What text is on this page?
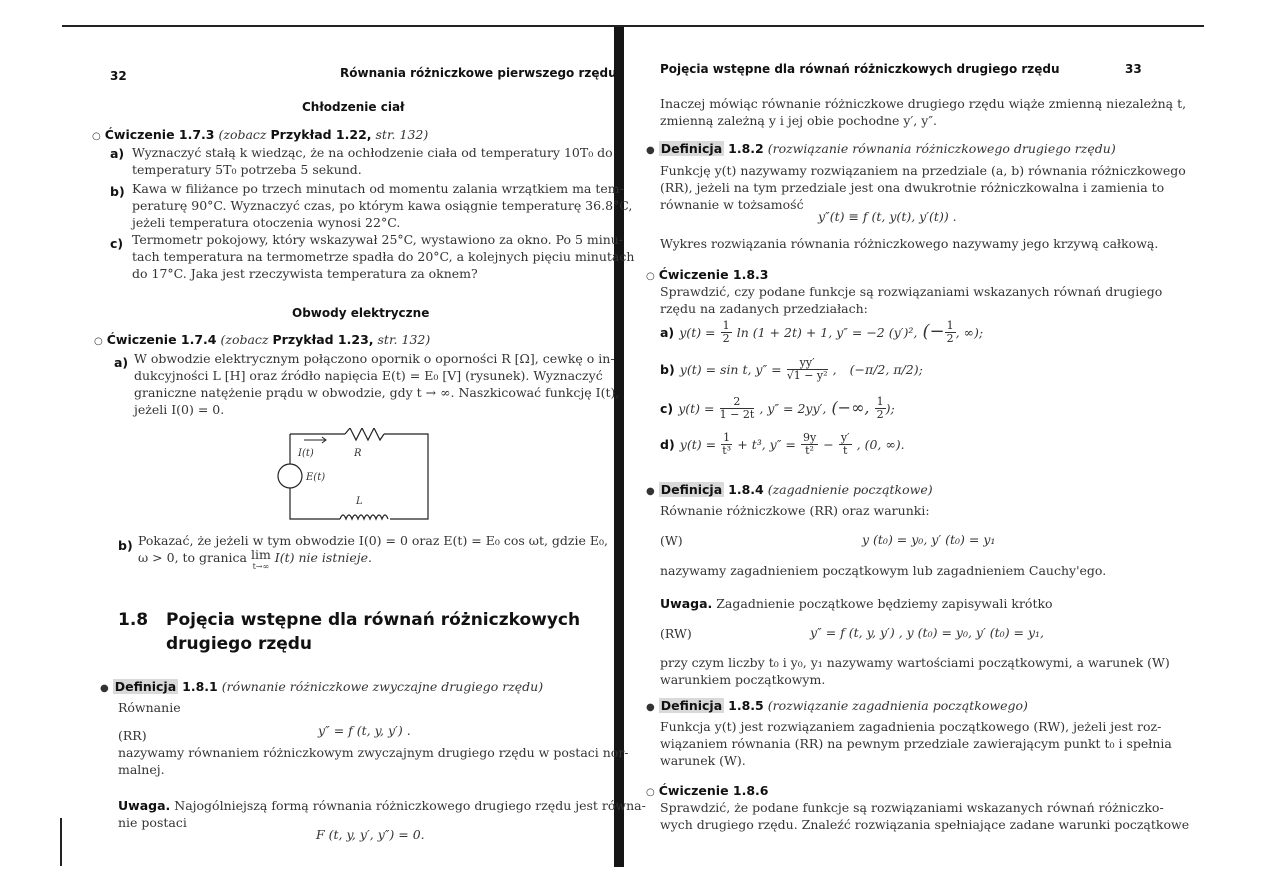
32	Równania różniczkowe pierwszego rzędu
Chłodzenie ciał
○ Ćwiczenie 1.7.3 (zobacz Przykład 1.22, str. 132)
a) Wyznaczyć stałą k wiedząc, że na ochłodzenie ciała od temperatury 10T₀ do
temperatury 5T₀ potrzeba 5 sekund.
b) Kawa w filiżance po trzech minutach od momentu zalania wrzątkiem ma tem-
peraturę 90°C. Wyznaczyć czas, po którym kawa osiągnie temperaturę 36.8°C,
jeżeli temperatura otoczenia wynosi 22°C.
c) Termometr pokojowy, który wskazywał 25°C, wystawiono za okno. Po 5 minu-
tach temperatura na termometrze spadła do 20°C, a kolejnych pięciu minutach
do 17°C. Jaka jest rzeczywista temperatura za oknem?
Obwody elektryczne
○ Ćwiczenie 1.7.4 (zobacz Przykład 1.23, str. 132)
a) W obwodzie elektrycznym połączono opornik o oporności R [Ω], cewkę o in-
dukcyjności L [H] oraz źródło napięcia E(t) = E₀ [V] (rysunek). Wyznaczyć
graniczne natężenie prądu w obwodzie, gdy t → ∞. Naszkicować funkcję I(t),
jeżeli I(0) = 0.
I(t)	R
E(t)
L
b) Pokazać, że jeżeli w tym obwodzie I(0) = 0 oraz E(t) = E₀ cos ωt, gdzie E₀,
ω > 0, to granica lim
t→∞
I(t) nie istnieje.
1.8 Pojęcia wstępne dla równań różniczkowych
drugiego rzędu
● Definicja 1.8.1 (równanie różniczkowe zwyczajne drugiego rzędu)
Równanie
(RR)	y″ = f (t, y, y′) .
nazywamy równaniem różniczkowym zwyczajnym drugiego rzędu w postaci nor-
malnej.
Uwaga. Najogólniejszą formą równania różniczkowego drugiego rzędu jest równa-
nie postaci
F (t, y, y′, y″) = 0.
Pojęcia wstępne dla równań różniczkowych drugiego rzędu	33
Inaczej mówiąc równanie różniczkowe drugiego rzędu wiąże zmienną niezależną t,
zmienną zależną y i jej obie pochodne y′, y″.
● Definicja 1.8.2 (rozwiązanie równania różniczkowego drugiego rzędu)
Funkcję y(t) nazywamy rozwiązaniem na przedziale (a, b) równania różniczkowego
(RR), jeżeli na tym przedziale jest ona dwukrotnie różniczkowalna i zamienia to
równanie w tożsamość
y″(t) ≡ f (t, y(t), y′(t)) .
Wykres rozwiązania równania różniczkowego nazywamy jego krzywą całkową.
○ Ćwiczenie 1.8.3
Sprawdzić, czy podane funkcje są rozwiązaniami wskazanych równań drugiego
rzędu na zadanych przedziałach:
a) $y(t) = \frac{1}{2}$ ln (1 + 2t) + 1, y″ = −2 (y′)², (− $\frac{1}{2}$ , ∞);
b) y(t) = sin t, $y'' = \frac{yy'}{\text{√1 − y²}}$ ,   (−π/2, π/2);
c) $y(t) = \frac{2}{1 - 2t}$ , y″ = 2yy′, (−∞, $\frac{1}{2}$ );
d) $y(t) = \frac{1}{\text{t³}} + t^3$, $y'' = \frac{9y}{\text{t²}} - \frac{y'}{t}$ , (0, ∞).
● Definicja 1.8.4 (zagadnienie początkowe)
Równanie różniczkowe (RR) oraz warunki:
(W)	y (t₀) = y₀, y′ (t₀) = y₁
nazywamy zagadnieniem początkowym lub zagadnieniem Cauchy'ego.
Uwaga. Zagadnienie początkowe będziemy zapisywali krótko
(RW)	y″ = f (t, y, y′) , y (t₀) = y₀, y′ (t₀) = y₁,
przy czym liczby t₀ i y₀, y₁ nazywamy wartościami początkowymi, a warunek (W)
warunkiem początkowym.
● Definicja 1.8.5 (rozwiązanie zagadnienia początkowego)
Funkcja y(t) jest rozwiązaniem zagadnienia początkowego (RW), jeżeli jest roz-
wiązaniem równania (RR) na pewnym przedziale zawierającym punkt t₀ i spełnia
warunek (W).
○ Ćwiczenie 1.8.6
Sprawdzić, że podane funkcje są rozwiązaniami wskazanych równań różniczko-
wych drugiego rzędu. Znaleźć rozwiązania spełniające zadane warunki początkowe
